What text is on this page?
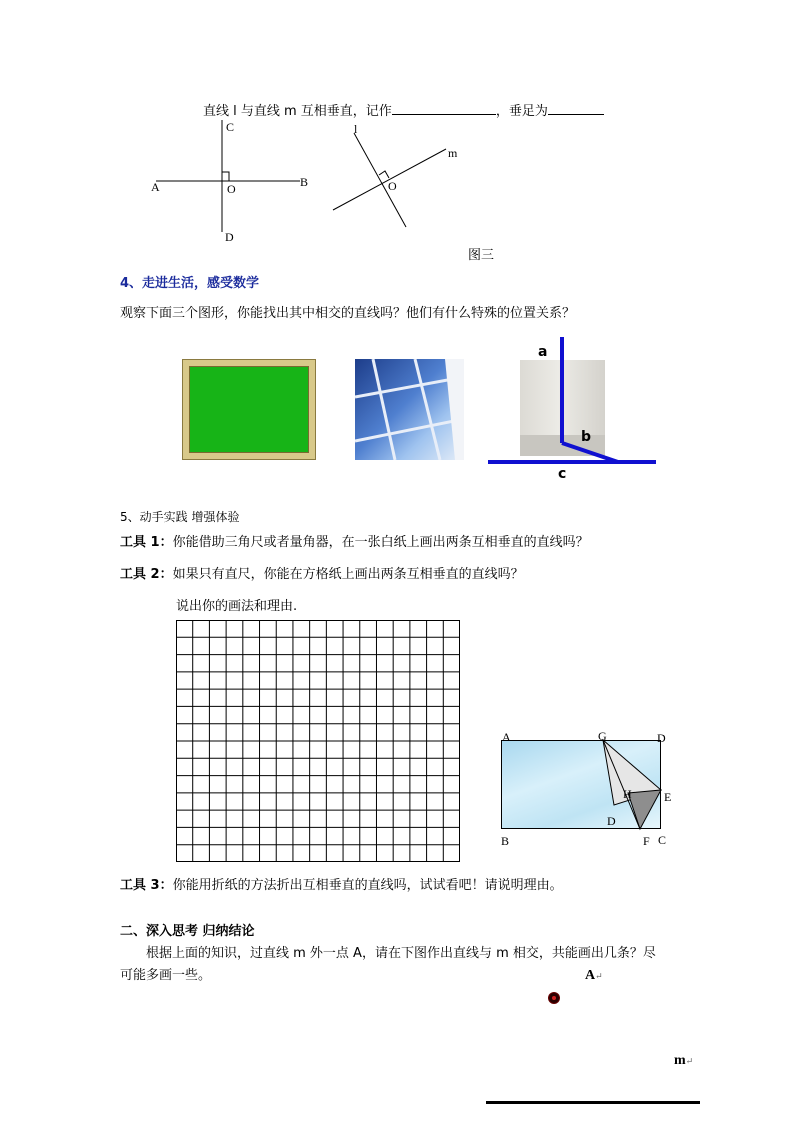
直线 l 与直线 m 互相垂直，记作	，垂足为
A	B
C
D
O
l
m
O
图三
4、走进生活，感受数学
观察下面三个图形，你能找出其中相交的直线吗？他们有什么特殊的位置关系？
a
b
c
5、动手实践 增强体验
工具 1：你能借助三角尺或者量角器，在一张白纸上画出两条互相垂直的直线吗？
工具 2：如果只有直尺，你能在方格纸上画出两条互相垂直的直线吗？
说出你的画法和理由.
A	G	D
H	E
D
B	F C
工具 3：你能用折纸的方法折出互相垂直的直线吗，试试看吧！请说明理由。
二、深入思考 归纳结论
根据上面的知识，过直线 m 外一点 A，请在下图作出直线与 m 相交，共能画出几条？尽
可能多画一些。	A↵
m↵
